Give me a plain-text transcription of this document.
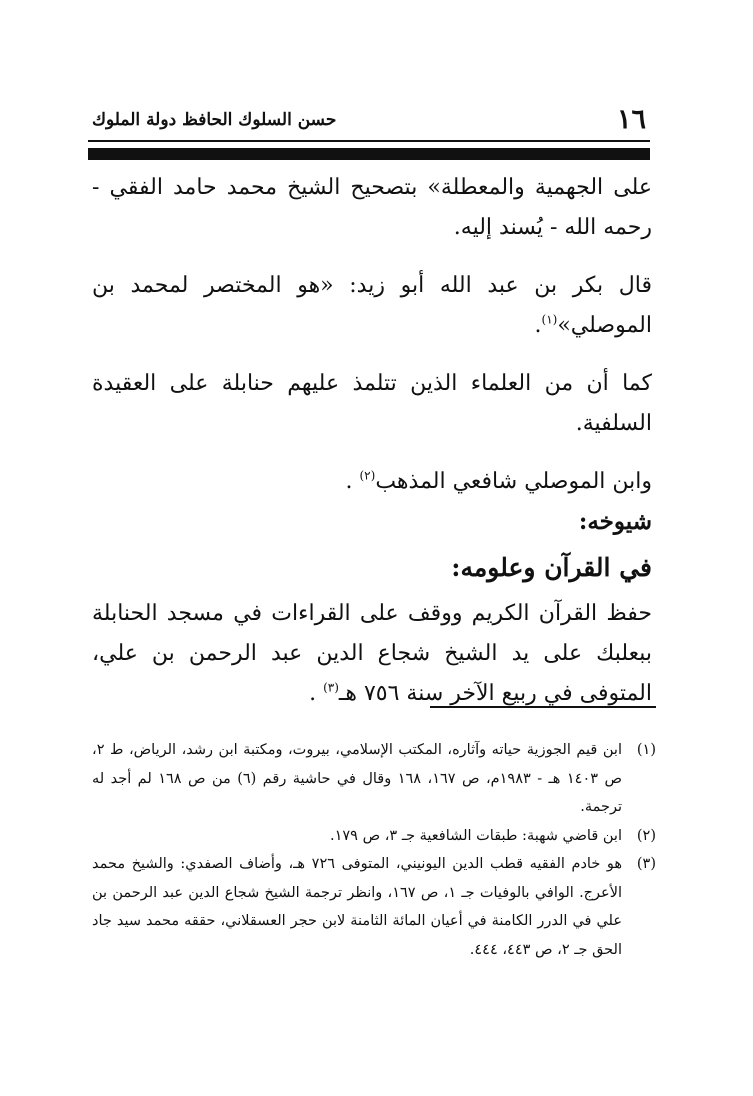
١٦
حسن السلوك الحافظ دولة الملوك

على الجهمية والمعطلة» بتصحيح الشيخ محمد حامد الفقي - رحمه الله - يُسند إليه.

قال بكر بن عبد الله أبو زيد: «هو المختصر لمحمد بن الموصلي»$^{(١)}$.

كما أن من العلماء الذين تتلمذ عليهم حنابلة على العقيدة السلفية.

وابن الموصلي شافعي المذهب$^{(٢)}$ .

شيوخه:

في القرآن وعلومه:

حفظ القرآن الكريم ووقف على القراءات في مسجد الحنابلة ببعلبك على يد الشيخ شجاع الدين عبد الرحمن بن علي، المتوفى في ربيع الآخر سنة ٧٥٦ هـ$^{(٣)}$ .

(١)
ابن قيم الجوزية حياته وآثاره، المكتب الإسلامي، بيروت، ومكتبة ابن رشد، الرياض، ط ٢، ص ١٤٠٣ هـ - ١٩٨٣م، ص ١٦٧، ١٦٨ وقال في حاشية رقم (٦) من ص ١٦٨ لم أجد له ترجمة.
(٢)
ابن قاضي شهبة: طبقات الشافعية جـ ٣، ص ١٧٩.
(٣)
هو خادم الفقيه قطب الدين اليونيني، المتوفى ٧٢٦ هـ، وأضاف الصفدي: والشيخ محمد الأعرج. الوافي بالوفيات جـ ١، ص ١٦٧، وانظر ترجمة الشيخ شجاع الدين عبد الرحمن بن علي في الدرر الكامنة في أعيان المائة الثامنة لابن حجر العسقلاني، حققه محمد سيد جاد الحق جـ ٢، ص ٤٤٣، ٤٤٤.
